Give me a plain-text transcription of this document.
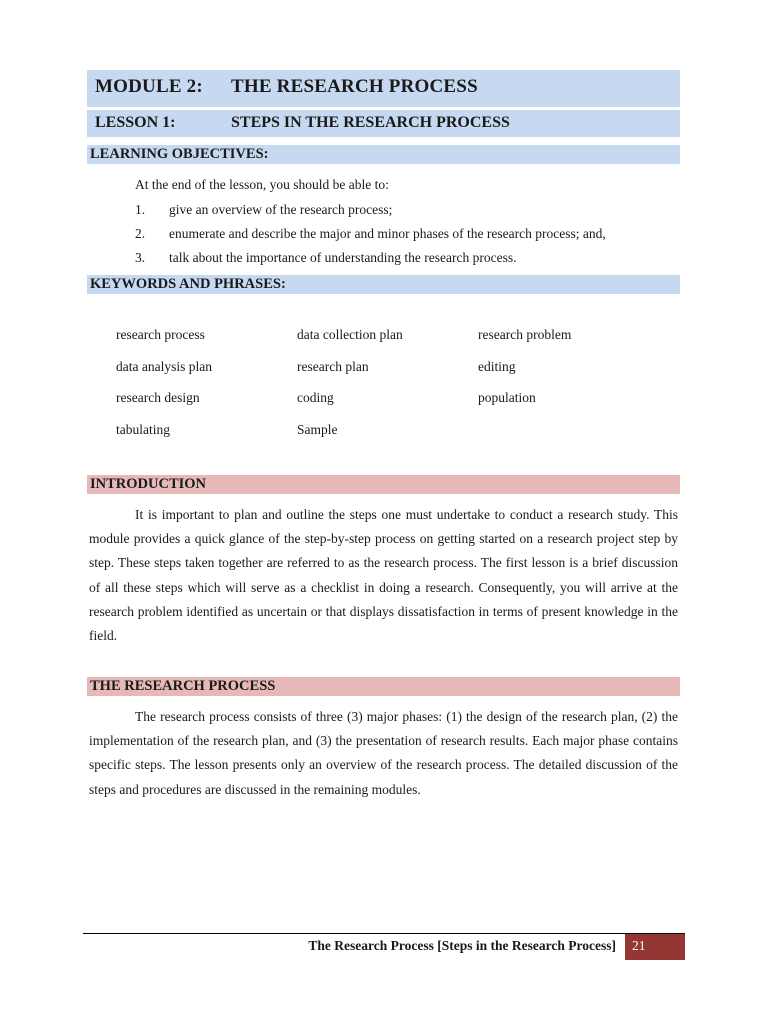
MODULE 2: THE RESEARCH PROCESS
LESSON 1:	STEPS IN THE RESEARCH PROCESS
LEARNING OBJECTIVES:
At the end of the lesson, you should be able to:
1. give an overview of the research process;
2. enumerate and describe the major and minor phases of the research process; and,
3. talk about the importance of understanding the research process.
KEYWORDS AND PHRASES:
research process	data collection plan	research problem
data analysis plan	research plan	editing
research design	coding	population
tabulating	Sample
INTRODUCTION

It is important to plan and outline the steps one must undertake to conduct a research study. This module provides a quick glance of the step-by-step process on getting started on a research project step by step. These steps taken together are referred to as the research process. The first lesson is a brief discussion of all these steps which will serve as a checklist in doing a research. Consequently, you will arrive at the research problem identified as uncertain or that displays dissatisfaction in terms of present knowledge in the field.

THE RESEARCH PROCESS

The research process consists of three (3) major phases: (1) the design of the research plan, (2) the implementation of the research plan, and (3) the presentation of research results. Each major phase contains specific steps. The lesson presents only an overview of the research process. The detailed discussion of the steps and procedures are discussed in the remaining modules.

The Research Process [Steps in the Research Process] 21
